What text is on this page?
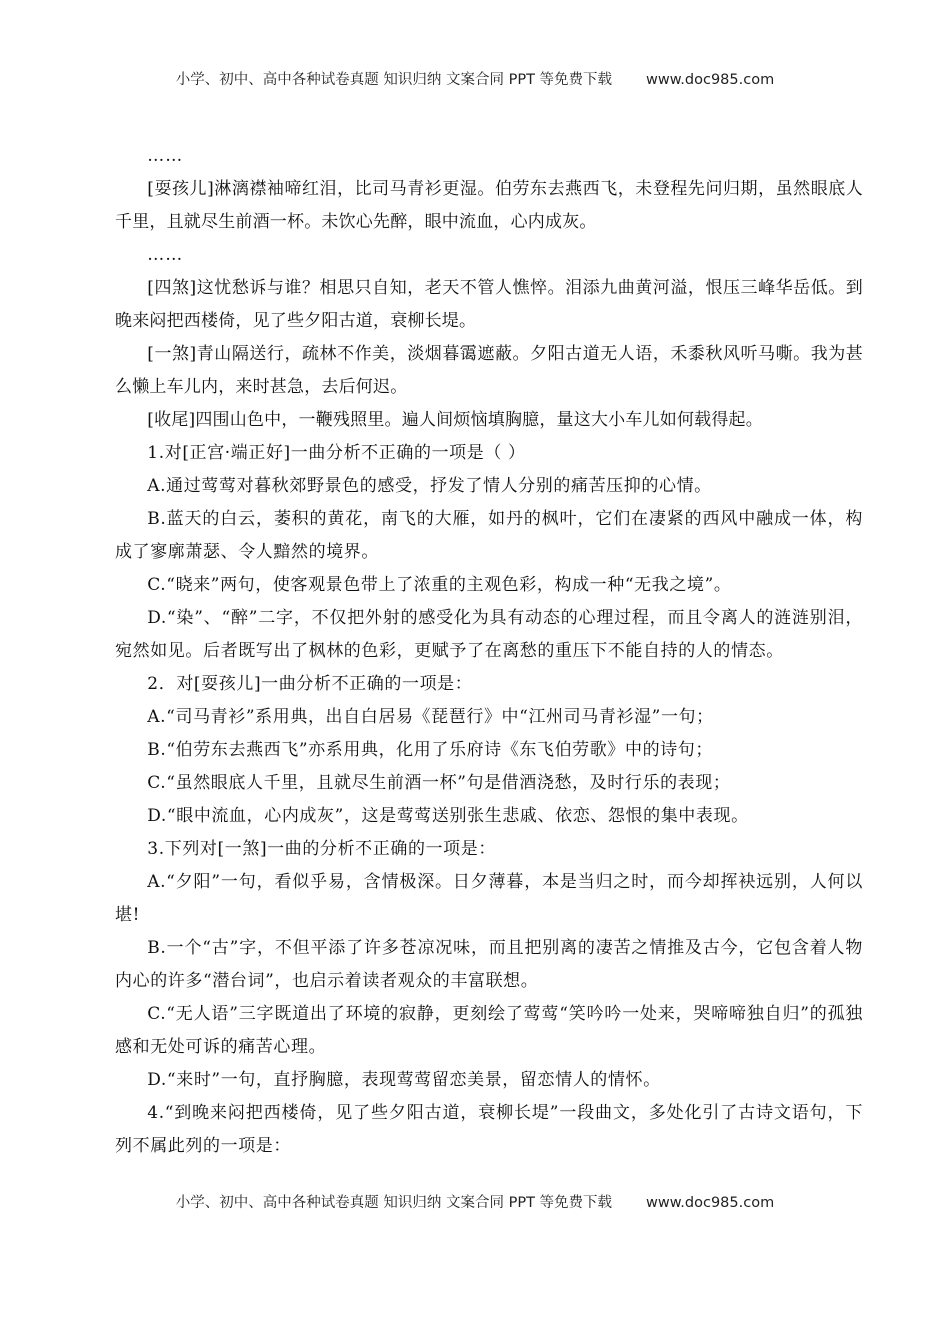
小学、初中、高中各种试卷真题 知识归纳 文案合同 PPT 等免费下载 www.doc985.com
……

[耍孩儿]淋漓襟袖啼红泪，比司马青衫更湿。伯劳东去燕西飞，未登程先问归期，虽然眼底人千里，且就尽生前酒一杯。未饮心先醉，眼中流血，心内成灰。

……

[四煞]这忧愁诉与谁？相思只自知，老天不管人憔悴。泪添九曲黄河溢，恨压三峰华岳低。到晚来闷把西楼倚，见了些夕阳古道，衰柳长堤。

[一煞]青山隔送行，疏林不作美，淡烟暮霭遮蔽。夕阳古道无人语，禾黍秋风听马嘶。我为甚么懒上车儿内，来时甚急，去后何迟。

[收尾]四围山色中，一鞭残照里。遍人间烦恼填胸臆，量这大小车儿如何载得起。

1.对[正宫·端正好]一曲分析不正确的一项是（ ）

A.通过莺莺对暮秋郊野景色的感受，抒发了情人分别的痛苦压抑的心情。

B.蓝天的白云，萎积的黄花，南飞的大雁，如丹的枫叶，它们在凄紧的西风中融成一体，构成了寥廓萧瑟、令人黯然的境界。

C.“晓来”两句，使客观景色带上了浓重的主观色彩，构成一种“无我之境”。

D.“染”、“醉”二字，不仅把外射的感受化为具有动态的心理过程，而且令离人的涟涟别泪，宛然如见。后者既写出了枫林的色彩，更赋予了在离愁的重压下不能自持的人的情态。

2．对[耍孩儿]一曲分析不正确的一项是：

A.“司马青衫”系用典，出自白居易《琵琶行》中“江州司马青衫湿”一句；

B.“伯劳东去燕西飞”亦系用典，化用了乐府诗《东飞伯劳歌》中的诗句；

C.“虽然眼底人千里，且就尽生前酒一杯”句是借酒浇愁，及时行乐的表现；

D.“眼中流血，心内成灰”，这是莺莺送别张生悲戚、依恋、怨恨的集中表现。

3.下列对[一煞]一曲的分析不正确的一项是：

A.“夕阳”一句，看似乎易，含情极深。日夕薄暮，本是当归之时，而今却挥袂远别，人何以堪!

B.一个“古”字，不但平添了许多苍凉况味，而且把别离的凄苦之情推及古今，它包含着人物内心的许多“潜台词”，也启示着读者观众的丰富联想。

C.“无人语”三字既道出了环境的寂静，更刻绘了莺莺“笑吟吟一处来，哭啼啼独自归”的孤独感和无处可诉的痛苦心理。

D.“来时”一句，直抒胸臆，表现莺莺留恋美景，留恋情人的情怀。

4.“到晚来闷把西楼倚，见了些夕阳古道，衰柳长堤”一段曲文，多处化引了古诗文语句，下列不属此列的一项是：

小学、初中、高中各种试卷真题 知识归纳 文案合同 PPT 等免费下载 www.doc985.com
